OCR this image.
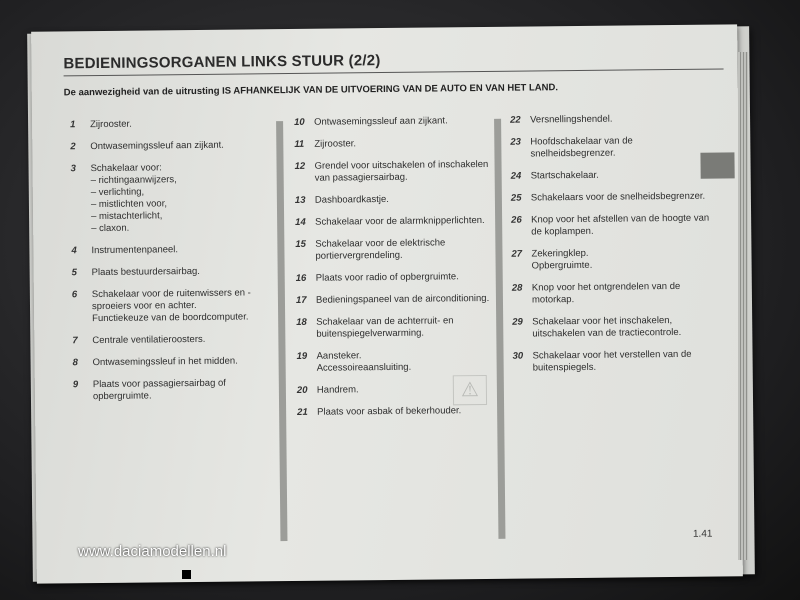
BEDIENINGSORGANEN LINKS STUUR (2/2)
De aanwezigheid van de uitrusting IS AFHANKELIJK VAN DE UITVOERING VAN DE AUTO EN VAN HET LAND.
1	Zijrooster.
2	Ontwasemingssleuf aan zijkant.
3	Schakelaar voor:
– richtingaanwijzers,
– verlichting,
– mistlichten voor,
– mistachterlicht,
– claxon.
4	Instrumentenpaneel.
5	Plaats bestuurdersairbag.
6	Schakelaar voor de ruitenwissers en -sproeiers voor en achter.
Functiekeuze van de boordcomputer.
7	Centrale ventilatieroosters.
8	Ontwasemingssleuf in het midden.
9	Plaats voor passagiersairbag of opbergruimte.
10 Ontwasemingssleuf aan zijkant.
11	Zijrooster.
12 Grendel voor uitschakelen of inschakelen van passagiersairbag.
13 Dashboardkastje.
14 Schakelaar voor de alarmknipperlichten.
15 Schakelaar voor de elektrische portiervergrendeling.
16 Plaats voor radio of opbergruimte.
17 Bedieningspaneel van de airconditioning.
18 Schakelaar van de achterruit- en buitenspiegelverwarming.
19 Aansteker.
Accessoireaansluiting.
20 Handrem.
21 Plaats voor asbak of bekerhouder.
22 Versnellingshendel.
23 Hoofdschakelaar van de snelheidsbegrenzer.
24 Startschakelaar.
25 Schakelaars voor de snelheidsbegrenzer.
26 Knop voor het afstellen van de hoogte van de koplampen.
27 Zekeringklep.
Opbergruimte.
28 Knop voor het ontgrendelen van de motorkap.
29 Schakelaar voor het inschakelen, uitschakelen van de tractiecontrole.
30 Schakelaar voor het verstellen van de buitenspiegels.
⚠
1.41
www.daciamodellen.nl
